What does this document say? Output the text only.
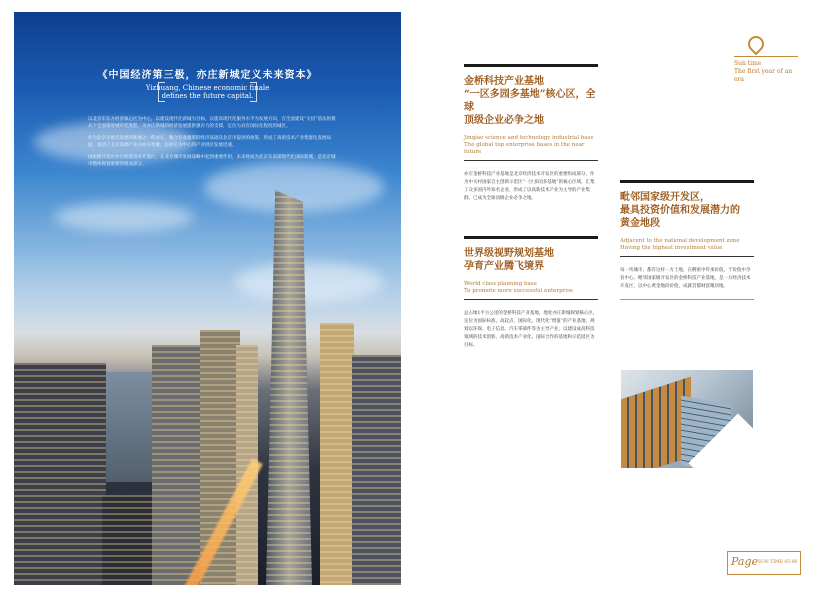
《中国经济第三极，亦庄新城定义未来资本》
Yizhuang, Chinese economic finale
defines the future capital.

以北京市东方经济核心区为中心，以建设现代化新城为目标，以提高现代化服务水平为发展方向，在全面建设“关切”依法的模式下全面推进城市化进程，为亦庄新城的经济发展提供强有力的支撑，定位为具有国际化程度的城区。

作为北京市重点发展的新城之一的亦庄，聚合有着雄厚的经济基础及北京市提供的政策，形成了高新技术产业集群化发展局面，推动了北京高端产业向亦庄集聚，以亦庄为中心的产业园区发展迅速。

国家级开发区亦庄经济技术开发区，在北京城市发展战略中起到重要作用，未来将成为北京东南部现代化国际新城，是北京城市整体规划重要的组成部分。

Sun time
The first year of an era
金桥科技产业基地
“一区多园多基地”核心区，全球
顶级企业必争之地
Jinqiao science and technology industrial base
The global top enterprise bases in the near future
亦庄金桥科技产业基地是北京经济技术开发区的重要组成部分，作为中关村国家自主创新示范区“一区多园多基地”的核心区域，汇集了众多国内外知名企业，形成了以高新技术产业为主导的产业集群，已成为全球顶级企业必争之地。
世界级视野规划基地
孕育产业腾飞境界
World class planning base
To promote more successful enterprise
总占地1平方公里的金桥科技产业基地，地处亦庄新城规划核心区，定位为国际标准、高起点、国际化、现代化“增值”的产业基地，规划以环保、电子信息、汽车零部件等为主导产业，以建设成高科技领域的技术创新、高新技术产业化、国际合作的基地和示范园区为目标。
毗邻国家级开发区，
最具投资价值和发展潜力的
黄金地段
Adjacent to the national development zone
Having the highest investment value
每一块城市，都有这样一方土地，在稠密中传承价值，于价值中孕育中心。毗邻国家级开发区的金桥科技产业基地，是一方经济技术开发区，以中心黄金地段价值，成就首都财富聚居地。
Page SUN TIME 05-06
